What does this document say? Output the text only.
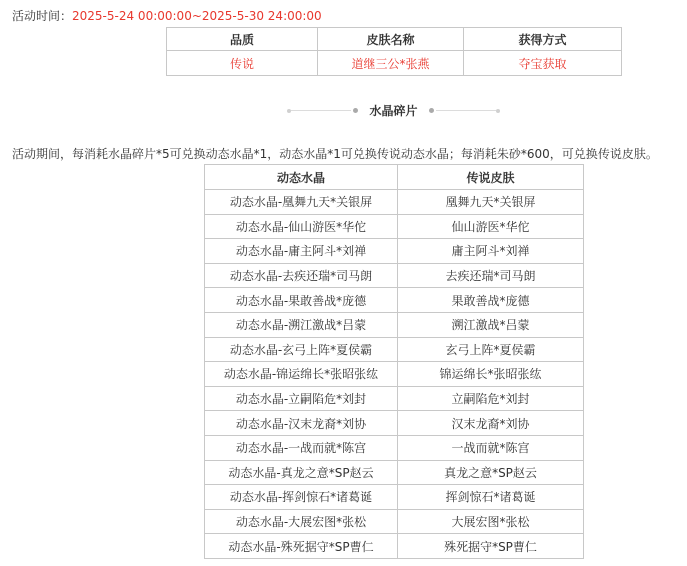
活动时间：2025-5-24 00:00:00~2025-5-30 24:00:00
品质	皮肤名称	获得方式
传说	道继三公*张燕	夺宝获取
水晶碎片
活动期间，每消耗水晶碎片*5可兑换动态水晶*1，动态水晶*1可兑换传说动态水晶；每消耗朱砂*600，可兑换传说皮肤。
动态水晶	传说皮肤
动态水晶-凰舞九天*关银屏	凰舞九天*关银屏
动态水晶-仙山游医*华佗	仙山游医*华佗
动态水晶-庸主阿斗*刘禅	庸主阿斗*刘禅
动态水晶-去疾还瑞*司马朗	去疾还瑞*司马朗
动态水晶-果敢善战*庞德	果敢善战*庞德
动态水晶-溯江激战*吕蒙	溯江激战*吕蒙
动态水晶-玄弓上阵*夏侯霸	玄弓上阵*夏侯霸
动态水晶-锦运绵长*张昭张纮	锦运绵长*张昭张纮
动态水晶-立嗣陷危*刘封	立嗣陷危*刘封
动态水晶-汉末龙裔*刘协	汉末龙裔*刘协
动态水晶-一战而就*陈宫	一战而就*陈宫
动态水晶-真龙之意*SP赵云	真龙之意*SP赵云
动态水晶-挥剑惊石*诸葛诞	挥剑惊石*诸葛诞
动态水晶-大展宏图*张松	大展宏图*张松
动态水晶-殊死据守*SP曹仁	殊死据守*SP曹仁
